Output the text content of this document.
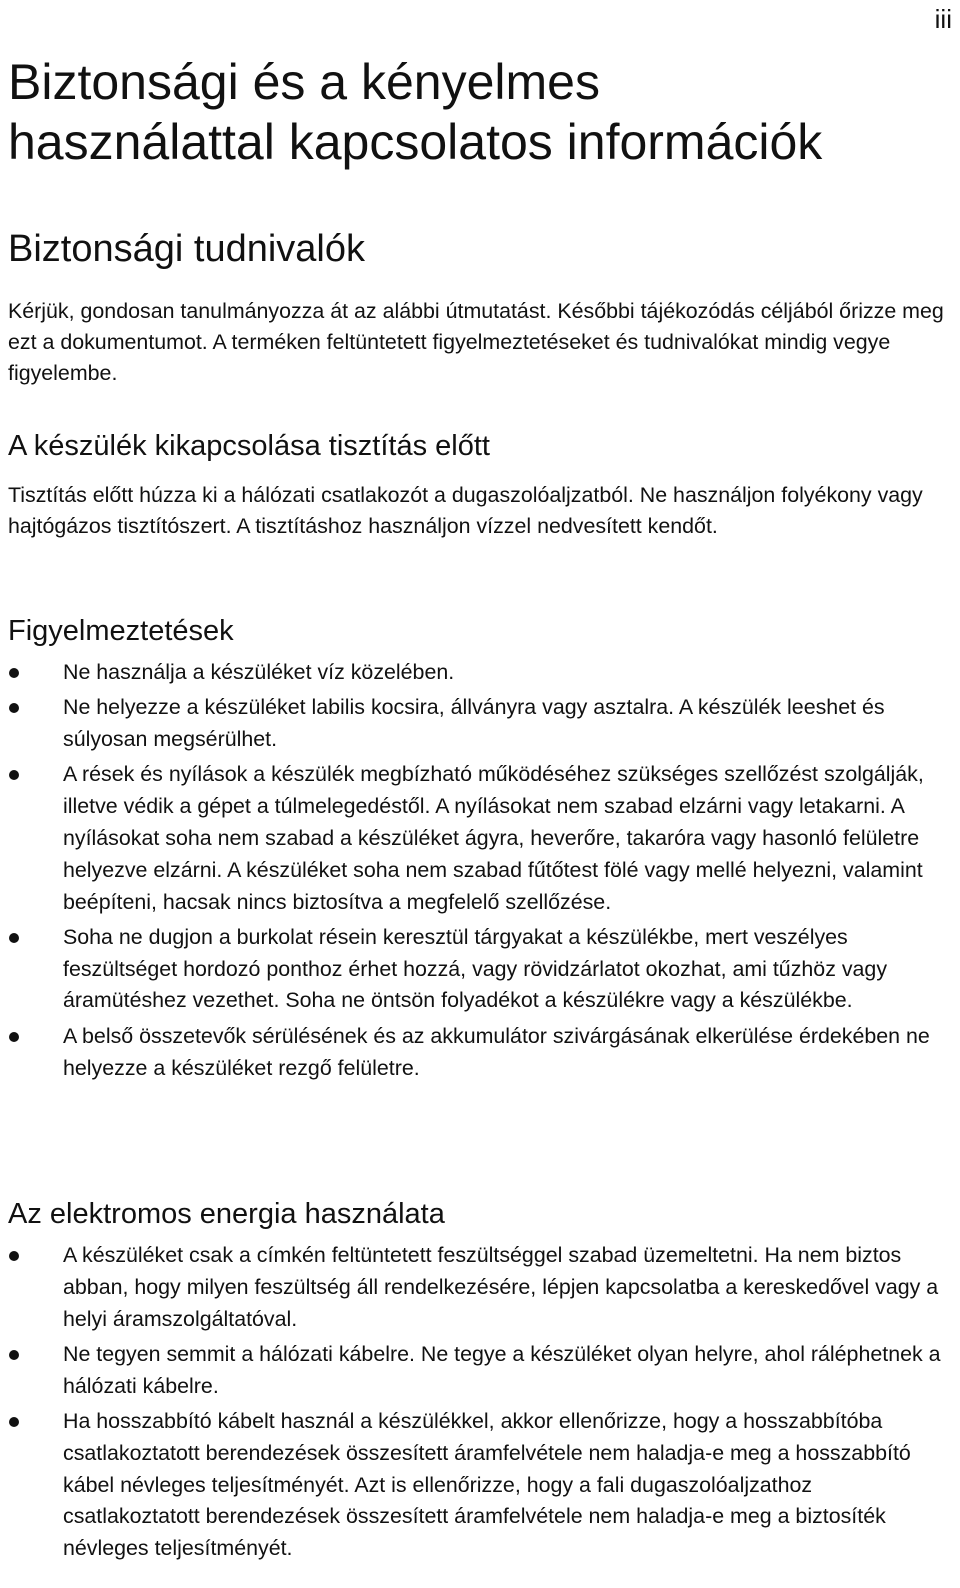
iii
Biztonsági és a kényelmes
használattal kapcsolatos információk
Biztonsági tudnivalók

Kérjük, gondosan tanulmányozza át az alábbi útmutatást. Későbbi tájékozódás céljából őrizze meg ezt a dokumentumot. A terméken feltüntetett figyelmeztetéseket és tudnivalókat mindig vegye figyelembe.

A készülék kikapcsolása tisztítás előtt

Tisztítás előtt húzza ki a hálózati csatlakozót a dugaszolóaljzatból. Ne használjon folyékony vagy hajtógázos tisztítószert. A tisztításhoz használjon vízzel nedvesített kendőt.

Figyelmeztetések
Ne használja a készüléket víz közelében.
Ne helyezze a készüléket labilis kocsira, állványra vagy asztalra. A készülék leeshet és súlyosan megsérülhet.
A rések és nyílások a készülék megbízható működéséhez szükséges szellőzést szolgálják, illetve védik a gépet a túlmelegedéstől. A nyílásokat nem szabad elzárni vagy letakarni. A nyílásokat soha nem szabad a készüléket ágyra, heverőre, takaróra vagy hasonló felületre helyezve elzárni. A készüléket soha nem szabad fűtőtest fölé vagy mellé helyezni, valamint beépíteni, hacsak nincs biztosítva a megfelelő szellőzése.
Soha ne dugjon a burkolat résein keresztül tárgyakat a készülékbe, mert veszélyes feszültséget hordozó ponthoz érhet hozzá, vagy rövidzárlatot okozhat, ami tűzhöz vagy áramütéshez vezethet. Soha ne öntsön folyadékot a készülékre vagy a készülékbe.
A belső összetevők sérülésének és az akkumulátor szivárgásának elkerülése érdekében ne helyezze a készüléket rezgő felületre.
Az elektromos energia használata
A készüléket csak a címkén feltüntetett feszültséggel szabad üzemeltetni. Ha nem biztos abban, hogy milyen feszültség áll rendelkezésére, lépjen kapcsolatba a kereskedővel vagy a helyi áramszolgáltatóval.
Ne tegyen semmit a hálózati kábelre. Ne tegye a készüléket olyan helyre, ahol ráléphetnek a hálózati kábelre.
Ha hosszabbító kábelt használ a készülékkel, akkor ellenőrizze, hogy a hosszabbítóba csatlakoztatott berendezések összesített áramfelvétele nem haladja-e meg a hosszabbító kábel névleges teljesítményét. Azt is ellenőrizze, hogy a fali dugaszolóaljzathoz csatlakoztatott berendezések összesített áramfelvétele nem haladja-e meg a biztosíték névleges teljesítményét.
